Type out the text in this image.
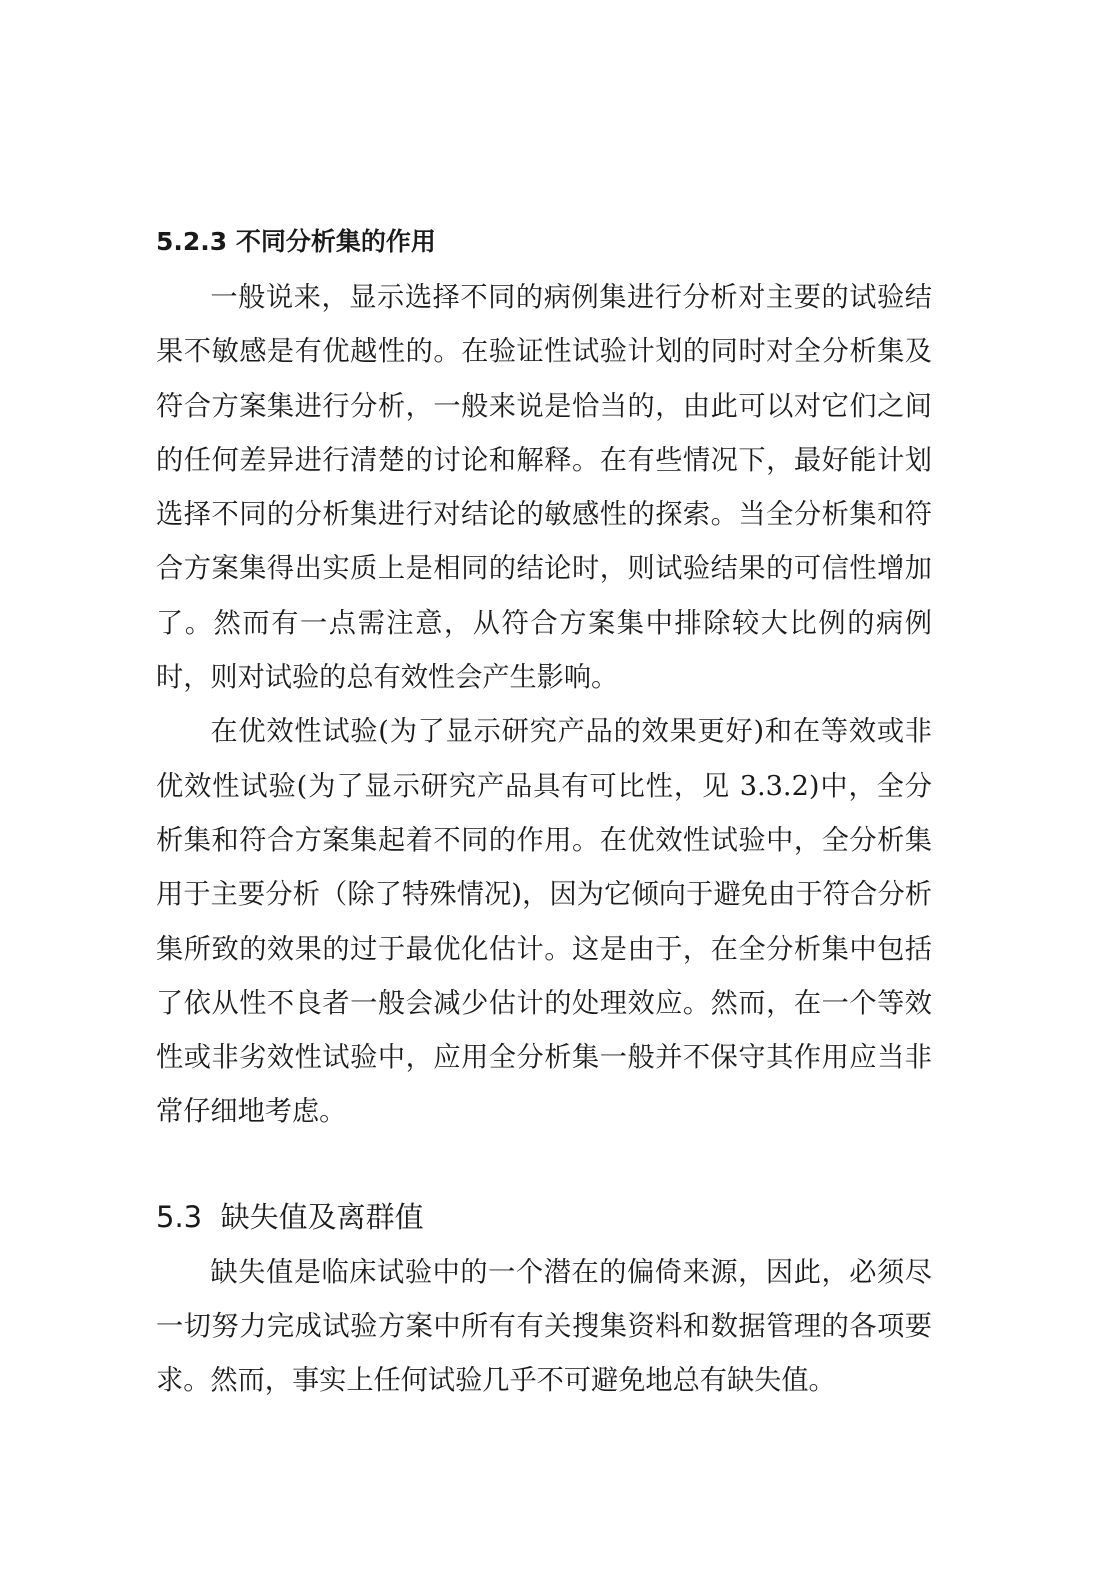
5.2.3 不同分析集的作用

一般说来，显示选择不同的病例集进行分析对主要的试验结果不敏感是有优越性的。在验证性试验计划的同时对全分析集及符合方案集进行分析，一般来说是恰当的，由此可以对它们之间的任何差异进行清楚的讨论和解释。在有些情况下，最好能计划选择不同的分析集进行对结论的敏感性的探索。当全分析集和符合方案集得出实质上是相同的结论时，则试验结果的可信性增加了。然而有一点需注意，从符合方案集中排除较大比例的病例时，则对试验的总有效性会产生影响。

在优效性试验(为了显示研究产品的效果更好)和在等效或非优效性试验(为了显示研究产品具有可比性，见 3.3.2)中，全分析集和符合方案集起着不同的作用。在优效性试验中，全分析集用于主要分析（除了特殊情况)，因为它倾向于避免由于符合分析集所致的效果的过于最优化估计。这是由于，在全分析集中包括了依从性不良者一般会减少估计的处理效应。然而，在一个等效性或非劣效性试验中，应用全分析集一般并不保守其作用应当非常仔细地考虑。

5.3 缺失值及离群值

缺失值是临床试验中的一个潜在的偏倚来源，因此，必须尽一切努力完成试验方案中所有有关搜集资料和数据管理的各项要求。然而，事实上任何试验几乎不可避免地总有缺失值。
